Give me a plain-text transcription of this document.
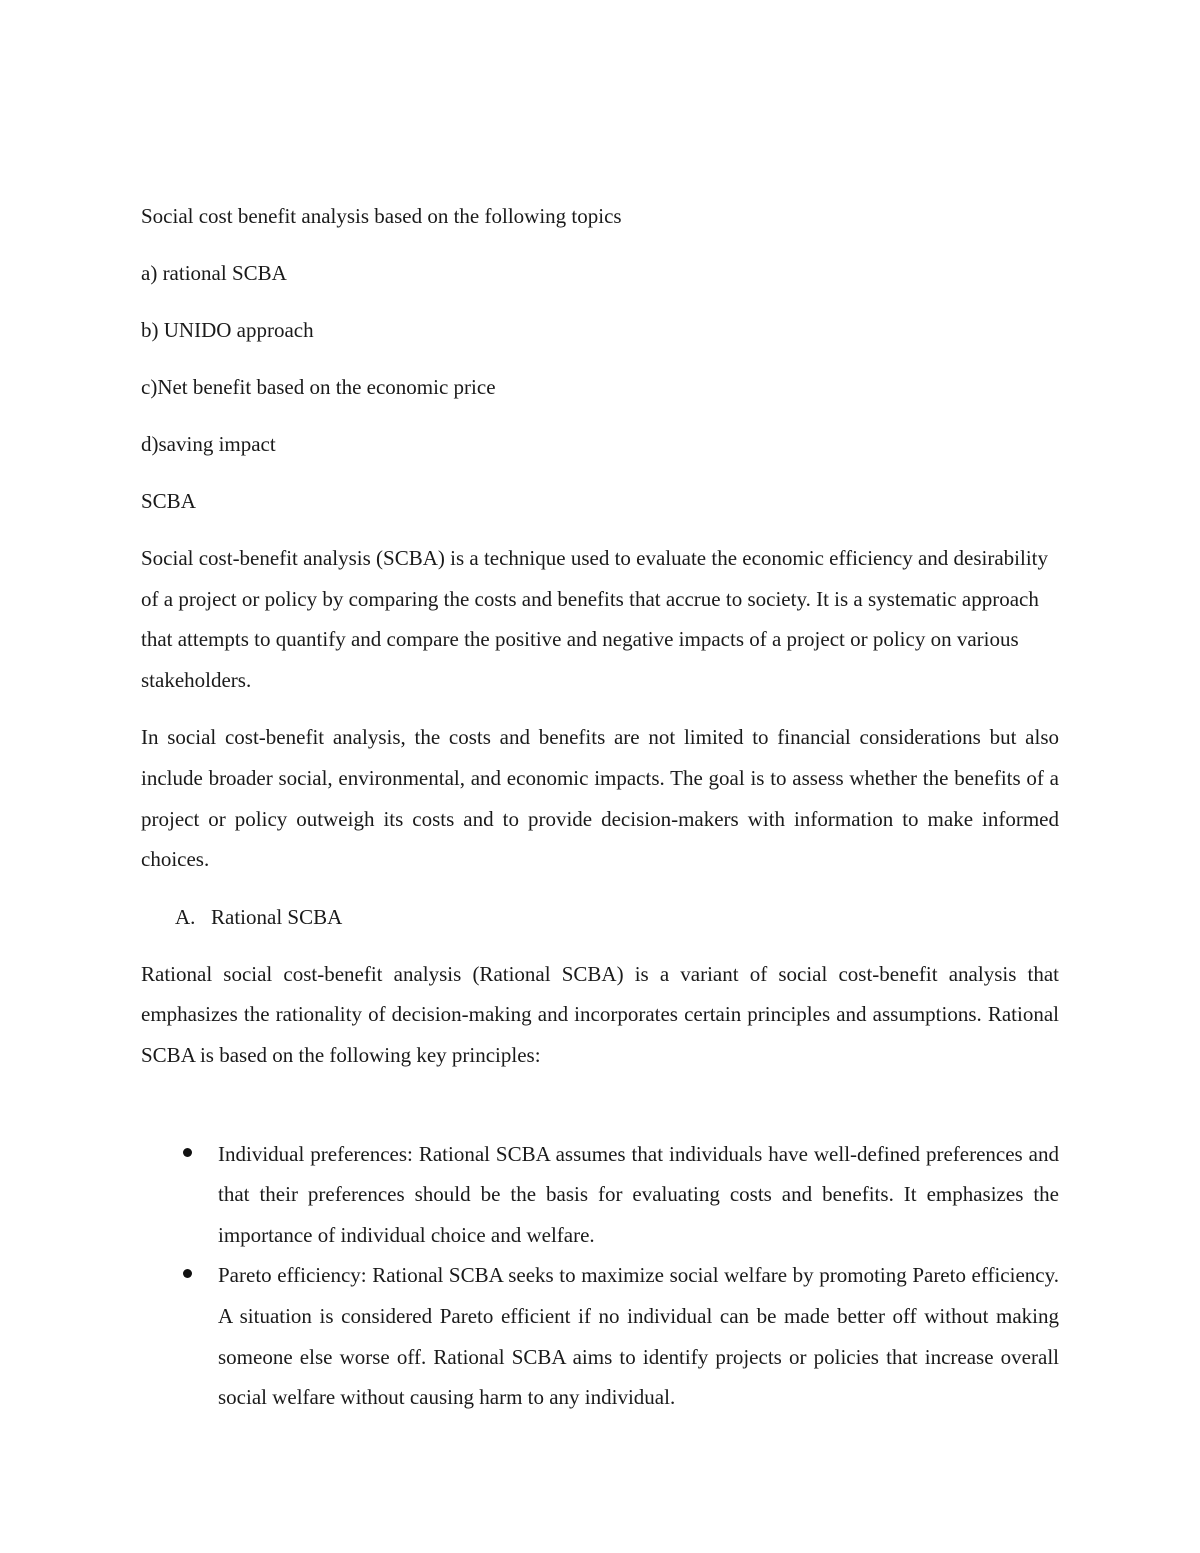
Social cost benefit analysis based on the following topics

a) rational SCBA

b) UNIDO approach

c)Net benefit based on the economic price

d)saving impact

SCBA

Social cost-benefit analysis (SCBA) is a technique used to evaluate the economic efficiency and desirability of a project or policy by comparing the costs and benefits that accrue to society. It is a systematic approach that attempts to quantify and compare the positive and negative impacts of a project or policy on various stakeholders.

In social cost-benefit analysis, the costs and benefits are not limited to financial considerations but also include broader social, environmental, and economic impacts. The goal is to assess whether the benefits of a project or policy outweigh its costs and to provide decision-makers with information to make informed choices.

A. Rational SCBA

Rational social cost-benefit analysis (Rational SCBA) is a variant of social cost-benefit analysis that emphasizes the rationality of decision-making and incorporates certain principles and assumptions. Rational SCBA is based on the following key principles:

Individual preferences: Rational SCBA assumes that individuals have well-defined preferences and that their preferences should be the basis for evaluating costs and benefits. It emphasizes the importance of individual choice and welfare.
Pareto efficiency: Rational SCBA seeks to maximize social welfare by promoting Pareto efficiency. A situation is considered Pareto efficient if no individual can be made better off without making someone else worse off. Rational SCBA aims to identify projects or policies that increase overall social welfare without causing harm to any individual.
